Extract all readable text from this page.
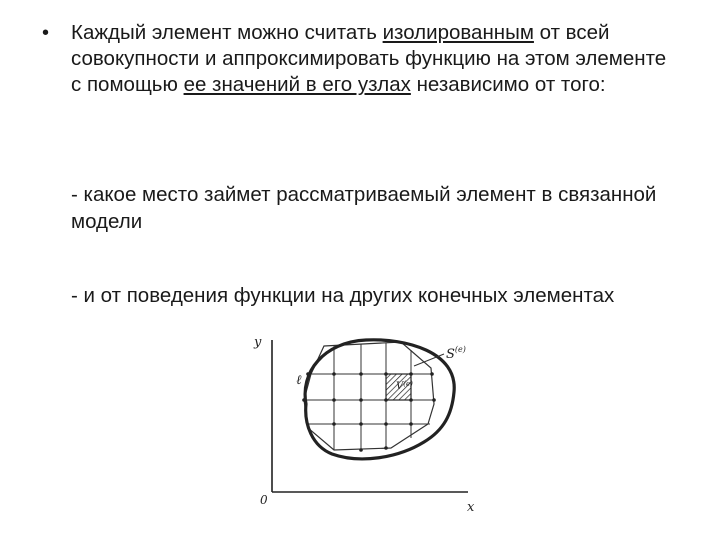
• Каждый элемент можно считать изолированным от всей совокупности и аппроксимировать функцию на этом элементе с помощью ее значений в его узлах независимо от того:
- какое место займет рассматриваемый элемент в связанной модели
- и от поведения функции на других конечных элементах
y
x
0
ℓ	$V^{(e)}$
$S^{(e)}$
